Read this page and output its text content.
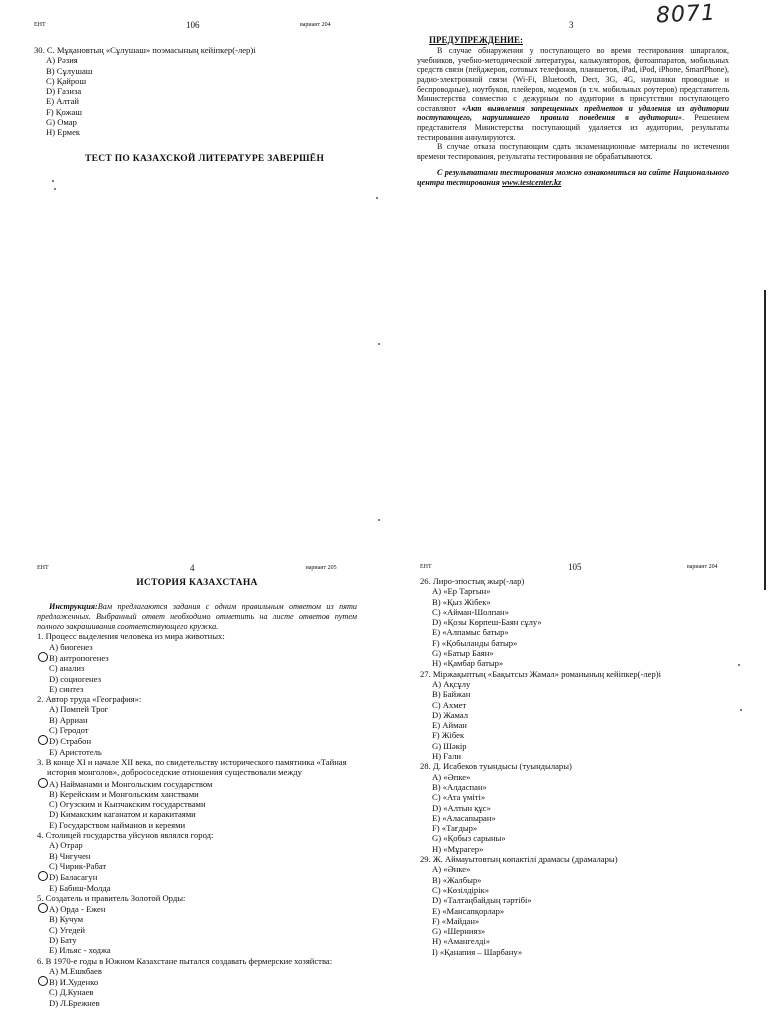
ЕНТ	106	вариант 204
30. С. Мұқановтың «Сұлушаш» поэмасының кейіпкер(-лер)і
A) Рәзия
B) Сұлушаш
C) Қайрош
D) Ғазиза
E) Алтай
F) Қожаш
G) Омар
H) Ермек
ТЕСТ ПО КАЗАХСКОЙ ЛИТЕРАТУРЕ ЗАВЕРШЁН
3	8071
ПРЕДУПРЕЖДЕНИЕ:

В случае обнаружения у поступающего во время тестирования шпаргалок, учебников, учебно-методической литературы, калькуляторов, фотоаппаратов, мобильных средств связи (пейджеров, сотовых телефонов, планшетов, iPad, iPod, iPhone, SmartPhone), радио-электронной связи (Wi-Fi, Bluetooth, Dect, 3G, 4G, наушники проводные и беспроводные), ноутбуков, плейеров, модемов (в т.ч. мобильных роутеров) представитель Министерства совместно с дежурным по аудитории в присутствии поступающего составляют «Акт выявления запрещенных предметов и удаления из аудитории поступающего, нарушившего правила поведения в аудитории». Решением представителя Министерства поступающий удаляется из аудитории, результаты тестирования аннулируются.

В случае отказа поступающим сдать экзаменационные материалы по истечении времени тестирования, результаты тестирования не обрабатываются.

С результатами тестирования можно ознакомиться на сайте Национального центра тестирования www.testcenter.kz

ЕНТ	4	вариант 205
ИСТОРИЯ КАЗАХСТАНА

Инструкция:Вам предлагаются задания с одним правильным ответом из пяти предложенных. Выбранный ответ необходимо отметить на листе ответов путем полного закрашивания соответствующего кружка.

1. Процесс выделения человека из мира животных:

A) биогенез
B) антропогенез
C) анализ
D) социогенез
E) синтез

2. Автор труда «География»:

A) Помпей Трог
B) Арриан
C) Геродот
D) Страбон
E) Аристотель

3. В конце XI и начале XII века, по свидетельству исторического памятника «Тайная история монголов», добрососедские отношения существовали между

A) Найманами и Монгольским государством
B) Керейским и Монгольским ханствами
C) Огузским и Кыпчакским государствами
D) Кимакским каганатом и каракитаями
E) Государством найманов и кереями

4. Столицей государства уйсунов являлся город:

A) Отрар
B) Чигучен
C) Чирик-Рабат
D) Баласагун
E) Бабиш-Молда

5. Создатель и правитель Золотой Орды:

A) Орда - Ежен
B) Кучум
C) Угедей
D) Бату
E) Ильяс - ходжа

6. В 1970-е годы в Южном Казахстане пытался создавать фермерские хозяйства:

A) М.Ешкбаев
B) И.Худенко
C) Д.Кунаев
D) Л.Брежнев
ЕНТ	105	вариант 204
26. Лиро-эпостық жыр(-лар)
A) «Ер Тарғын»
B) «Қыз Жібек»
C) «Айман-Шолпан»
D) «Қозы Көрпеш-Баян сұлу»
E) «Алпамыс батыр»
F) «Қобыланды батыр»
G) «Батыр Баян»
H) «Қамбар батыр»
27. Міржақыптың «Бақытсыз Жамал» романының кейіпкер(-лер)і
A) Ақсұлу
B) Байжан
C) Ахмет
D) Жамал
E) Айман
F) Жібек
G) Шәкір
H) Ғали
28. Д. Исабеков туындысы (туындылары)
A) «Әпке»
B) «Алдаспан»
C) «Ата үміті»
D) «Алтын құс»
E) «Алаcапыран»
F) «Тағдыр»
G) «Қобыз сарыны»
H) «Мұрагер»
29. Ж. Аймауытовтың көпактілі драмасы (драмалары)
A) «Әнке»
B) «Жалбыр»
C) «Көзілдірік»
D) «Талтаңбайдың тәртібі»
E) «Мансапқорлар»
F) «Майдан»
G) «Шернияз»
H) «Амангелді»
I) «Қанапия – Шарбану»
